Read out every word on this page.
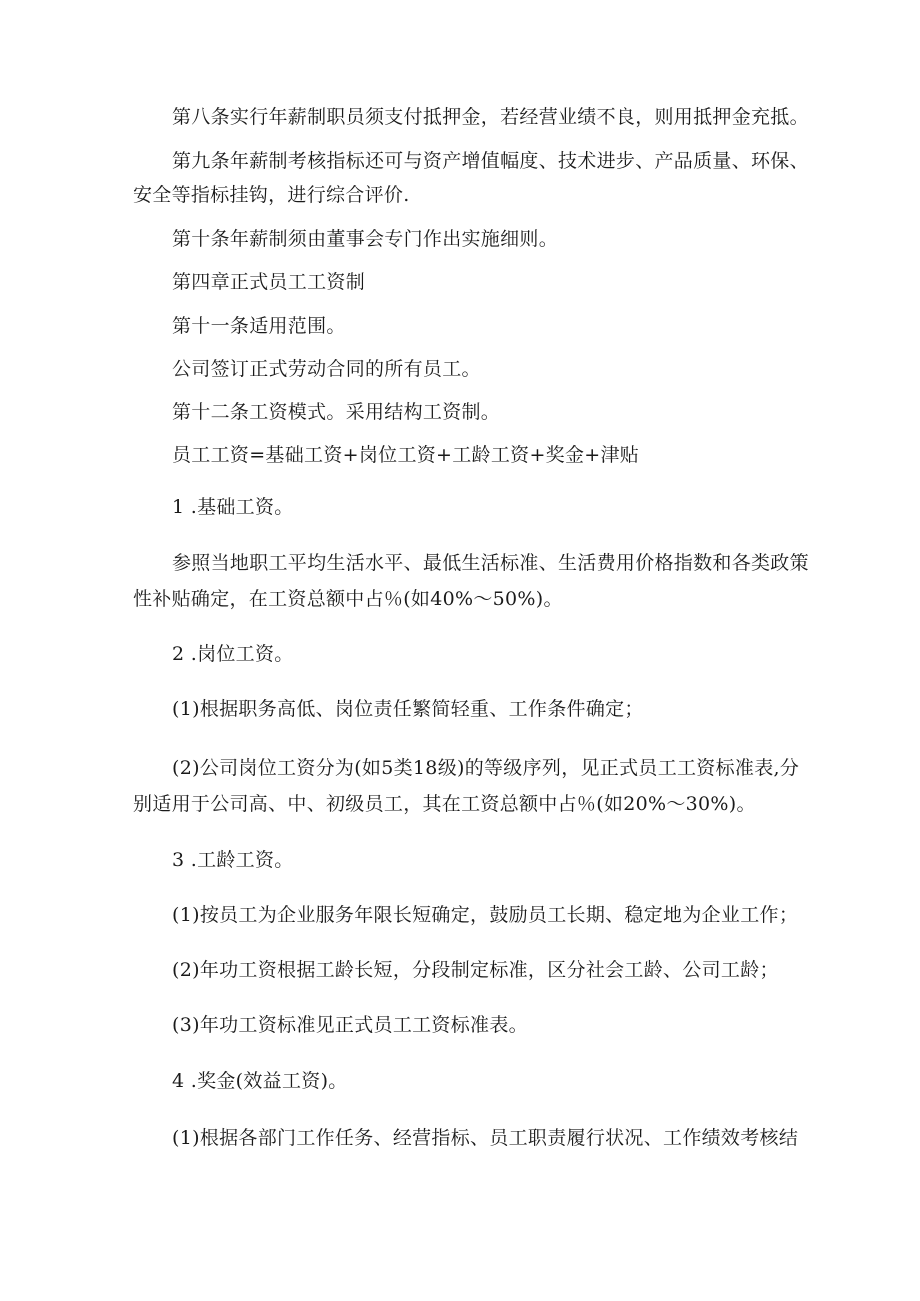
第八条实行年薪制职员须支付抵押金，若经营业绩不良，则用抵押金充抵。
第九条年薪制考核指标还可与资产增值幅度、技术进步、产品质量、环保、
安全等指标挂钩，进行综合评价.
第十条年薪制须由董事会专门作出实施细则。
第四章正式员工工资制
第十一条适用范围。
公司签订正式劳动合同的所有员工。
第十二条工资模式。采用结构工资制。
员工工资=基础工资+岗位工资+工龄工资+奖金+津贴
1 .基础工资。
参照当地职工平均生活水平、最低生活标准、生活费用价格指数和各类政策
性补贴确定，在工资总额中占％(如40%～50%)。
2 .岗位工资。
(1)根据职务高低、岗位责任繁简轻重、工作条件确定；
(2)公司岗位工资分为(如5类18级)的等级序列，见正式员工工资标准表,分
别适用于公司高、中、初级员工，其在工资总额中占％(如20%～30%)。
3 .工龄工资。
(1)按员工为企业服务年限长短确定，鼓励员工长期、稳定地为企业工作；
(2)年功工资根据工龄长短，分段制定标准，区分社会工龄、公司工龄；
(3)年功工资标准见正式员工工资标准表。
4 .奖金(效益工资)。
(1)根据各部门工作任务、经营指标、员工职责履行状况、工作绩效考核结
